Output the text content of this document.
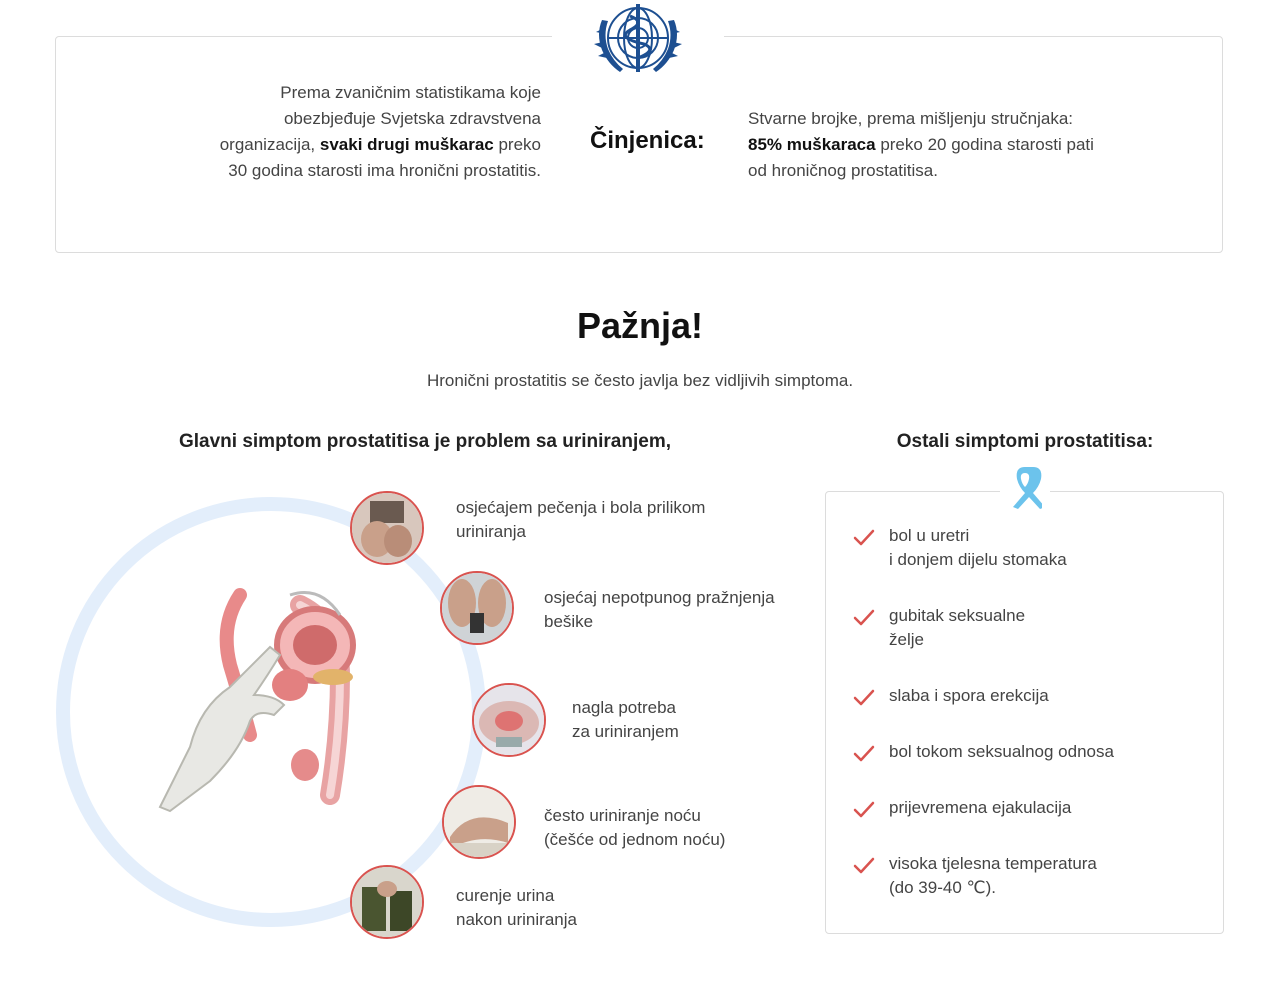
Prema zvaničnim statistikama koje obezbjeđuje Svjetska zdravstvena organizacija, svaki drugi muškarac preko 30 godina starosti ima hronični prostatitis.
Činjenica:
Stvarne brojke, prema mišljenju stručnjaka: 85% muškaraca preko 20 godina starosti pati od hroničnog prostatitisa.
Pažnja!
Hronični prostatitis se često javlja bez vidljivih simptoma.
Glavni simptom prostatitisa je problem sa uriniranjem,	Ostali simptomi prostatitisa:
osjećajem pečenja i bola prilikom
uriniranja
osjećaj nepotpunog pražnjenja
bešike
nagla potreba
za uriniranjem
često uriniranje noću
(češće od jednom noću)
curenje urina
nakon uriniranja
bol u uretri
i donjem dijelu stomaka
gubitak seksualne
želje
slaba i spora erekcija
bol tokom seksualnog odnosa
prijevremena ejakulacija
visoka tjelesna temperatura
(do 39-40 ℃).
